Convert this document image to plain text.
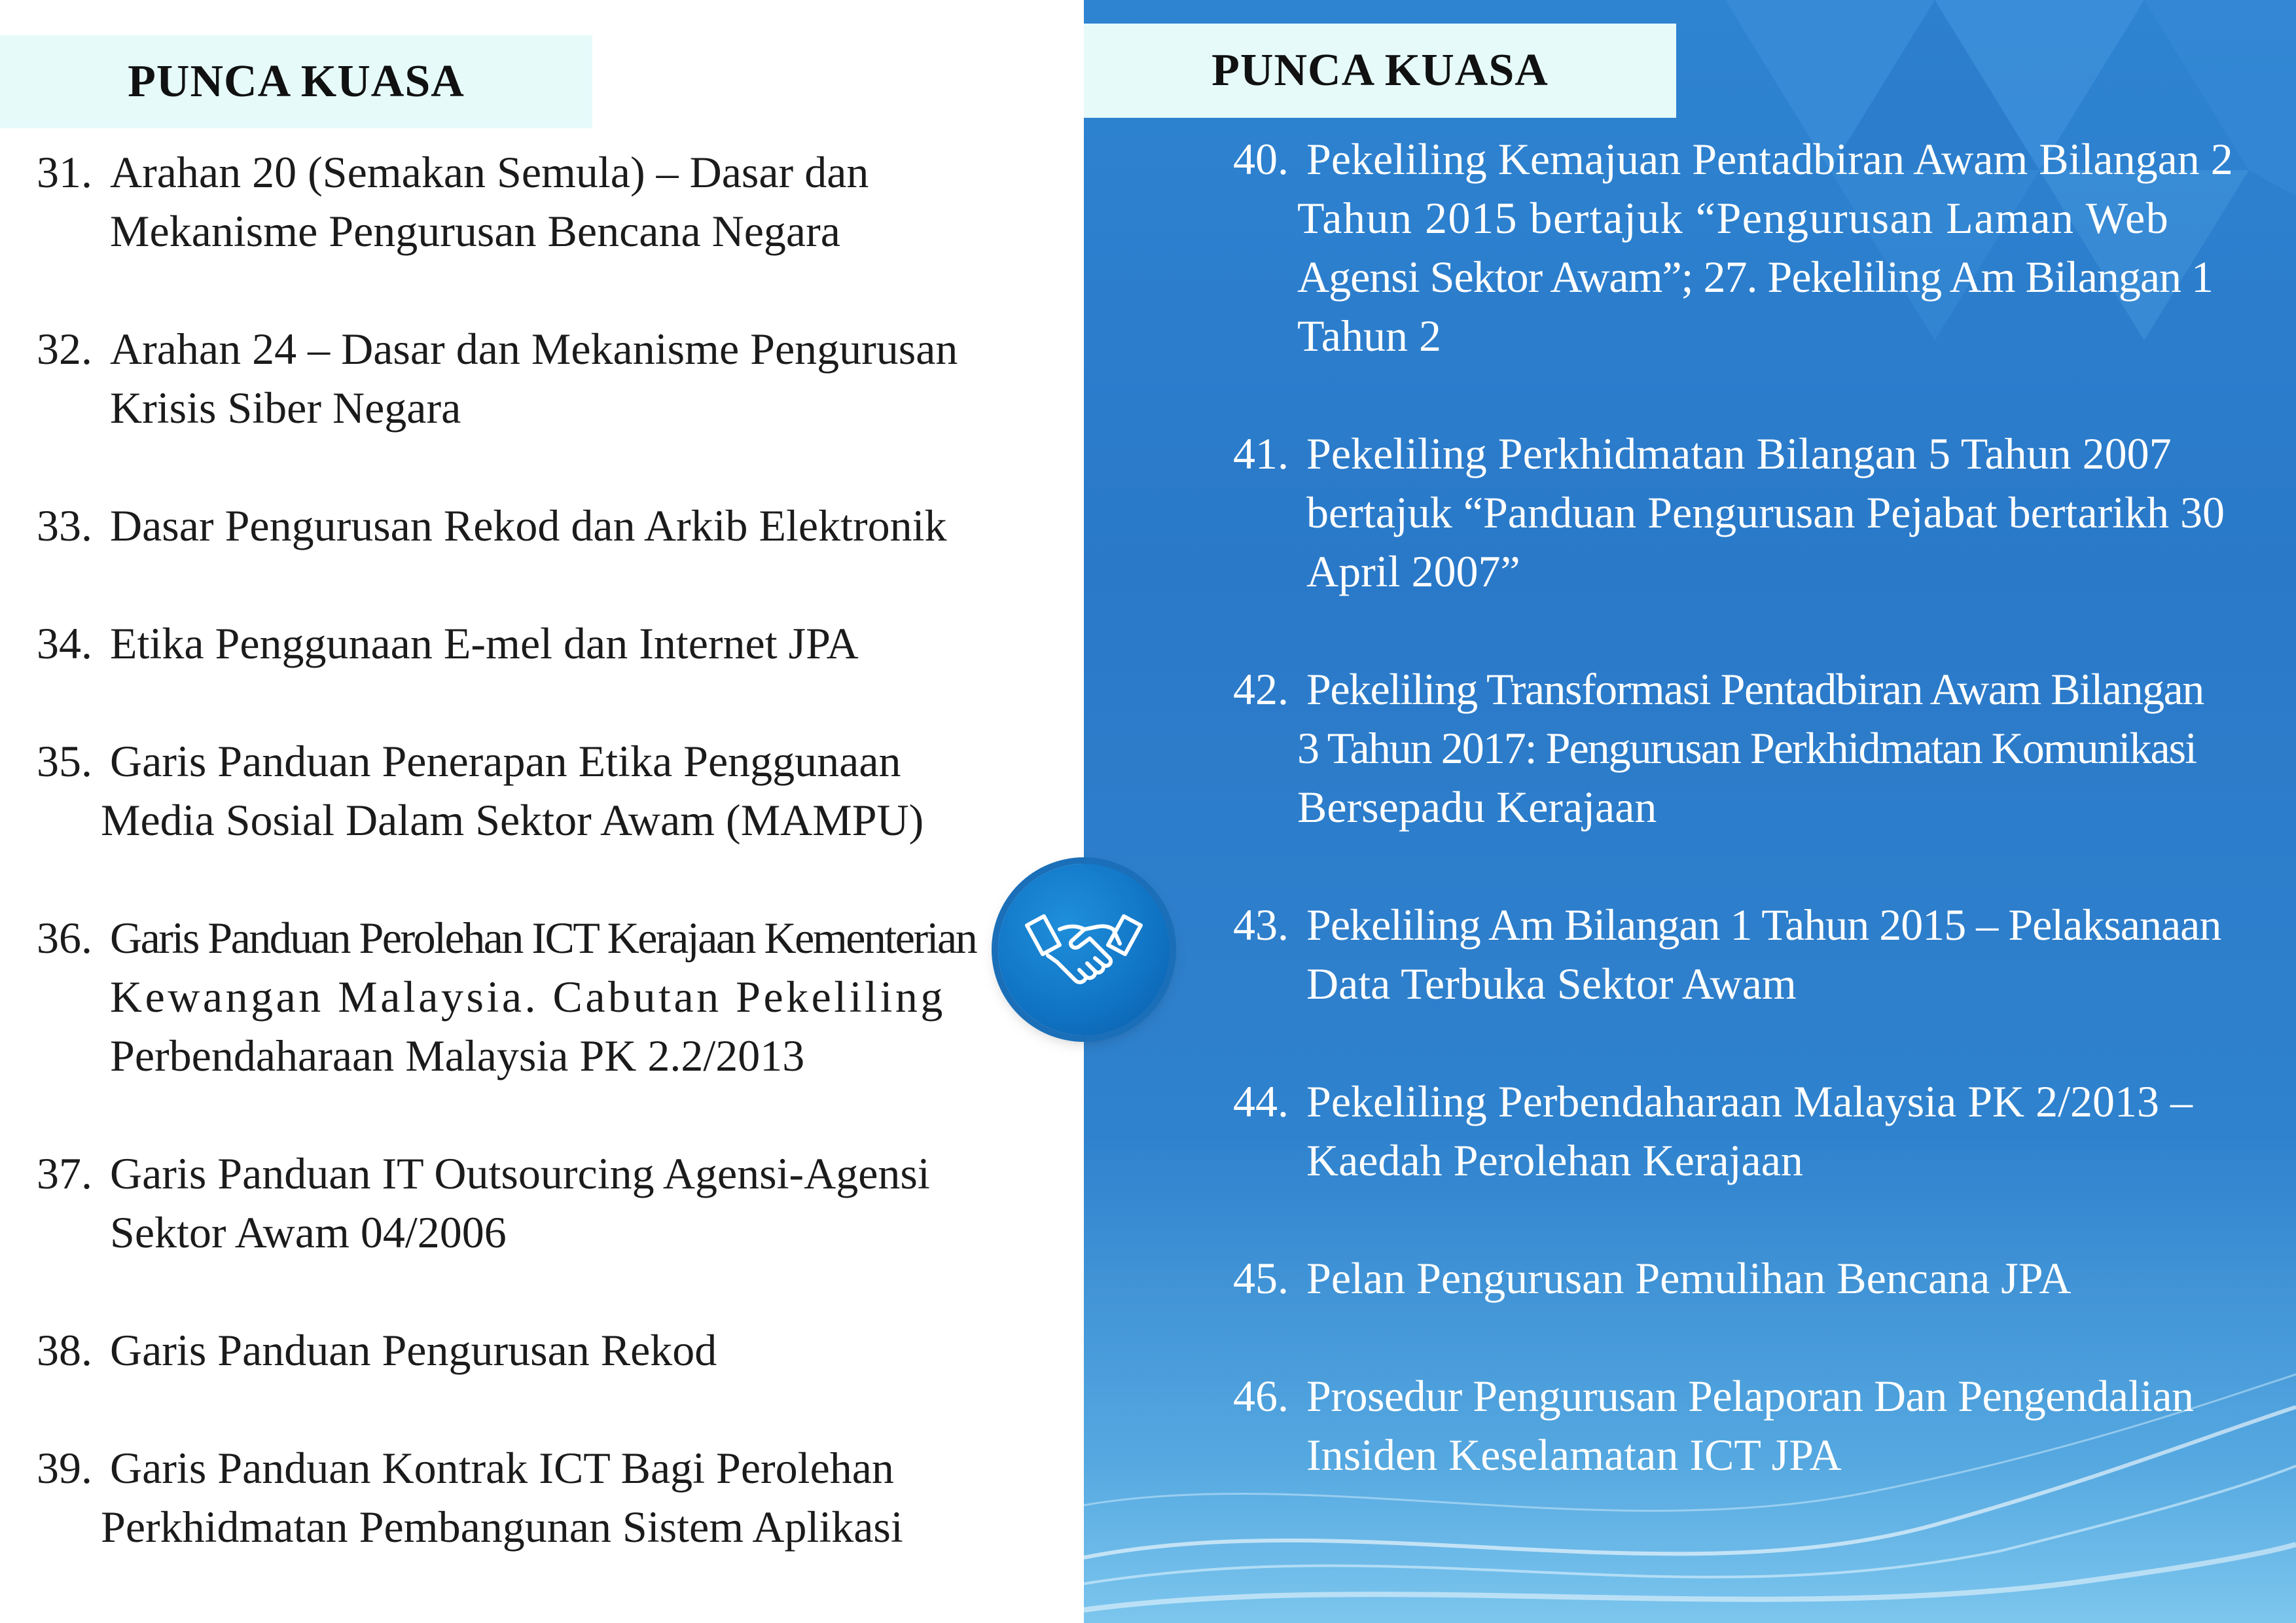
PUNCA KUASA
31. Arahan 20 (Semakan Semula) – Dasar dan
Mekanisme Pengurusan Bencana Negara
32. Arahan 24 – Dasar dan Mekanisme Pengurusan
Krisis Siber Negara
33. Dasar Pengurusan Rekod dan Arkib Elektronik
34. Etika Penggunaan E-mel dan Internet JPA
35. Garis Panduan Penerapan Etika Penggunaan
Media Sosial Dalam Sektor Awam (MAMPU)
36. Garis Panduan Perolehan ICT Kerajaan Kementerian
Kewangan Malaysia. Cabutan Pekeliling
Perbendaharaan Malaysia PK 2.2/2013
37. Garis Panduan IT Outsourcing Agensi-Agensi
Sektor Awam 04/2006
38. Garis Panduan Pengurusan Rekod
39. Garis Panduan Kontrak ICT Bagi Perolehan
Perkhidmatan Pembangunan Sistem Aplikasi
PUNCA KUASA
40. Pekeliling Kemajuan Pentadbiran Awam Bilangan 2
Tahun 2015 bertajuk “Pengurusan Laman Web
Agensi Sektor Awam”; 27. Pekeliling Am Bilangan 1
Tahun 2
41. Pekeliling Perkhidmatan Bilangan 5 Tahun 2007
bertajuk “Panduan Pengurusan Pejabat bertarikh 30
April 2007”
42. Pekeliling Transformasi Pentadbiran Awam Bilangan
3 Tahun 2017: Pengurusan Perkhidmatan Komunikasi
Bersepadu Kerajaan
43. Pekeliling Am Bilangan 1 Tahun 2015 – Pelaksanaan
Data Terbuka Sektor Awam
44. Pekeliling Perbendaharaan Malaysia PK 2/2013 –
Kaedah Perolehan Kerajaan
45. Pelan Pengurusan Pemulihan Bencana JPA
46. Prosedur Pengurusan Pelaporan Dan Pengendalian
Insiden Keselamatan ICT JPA
